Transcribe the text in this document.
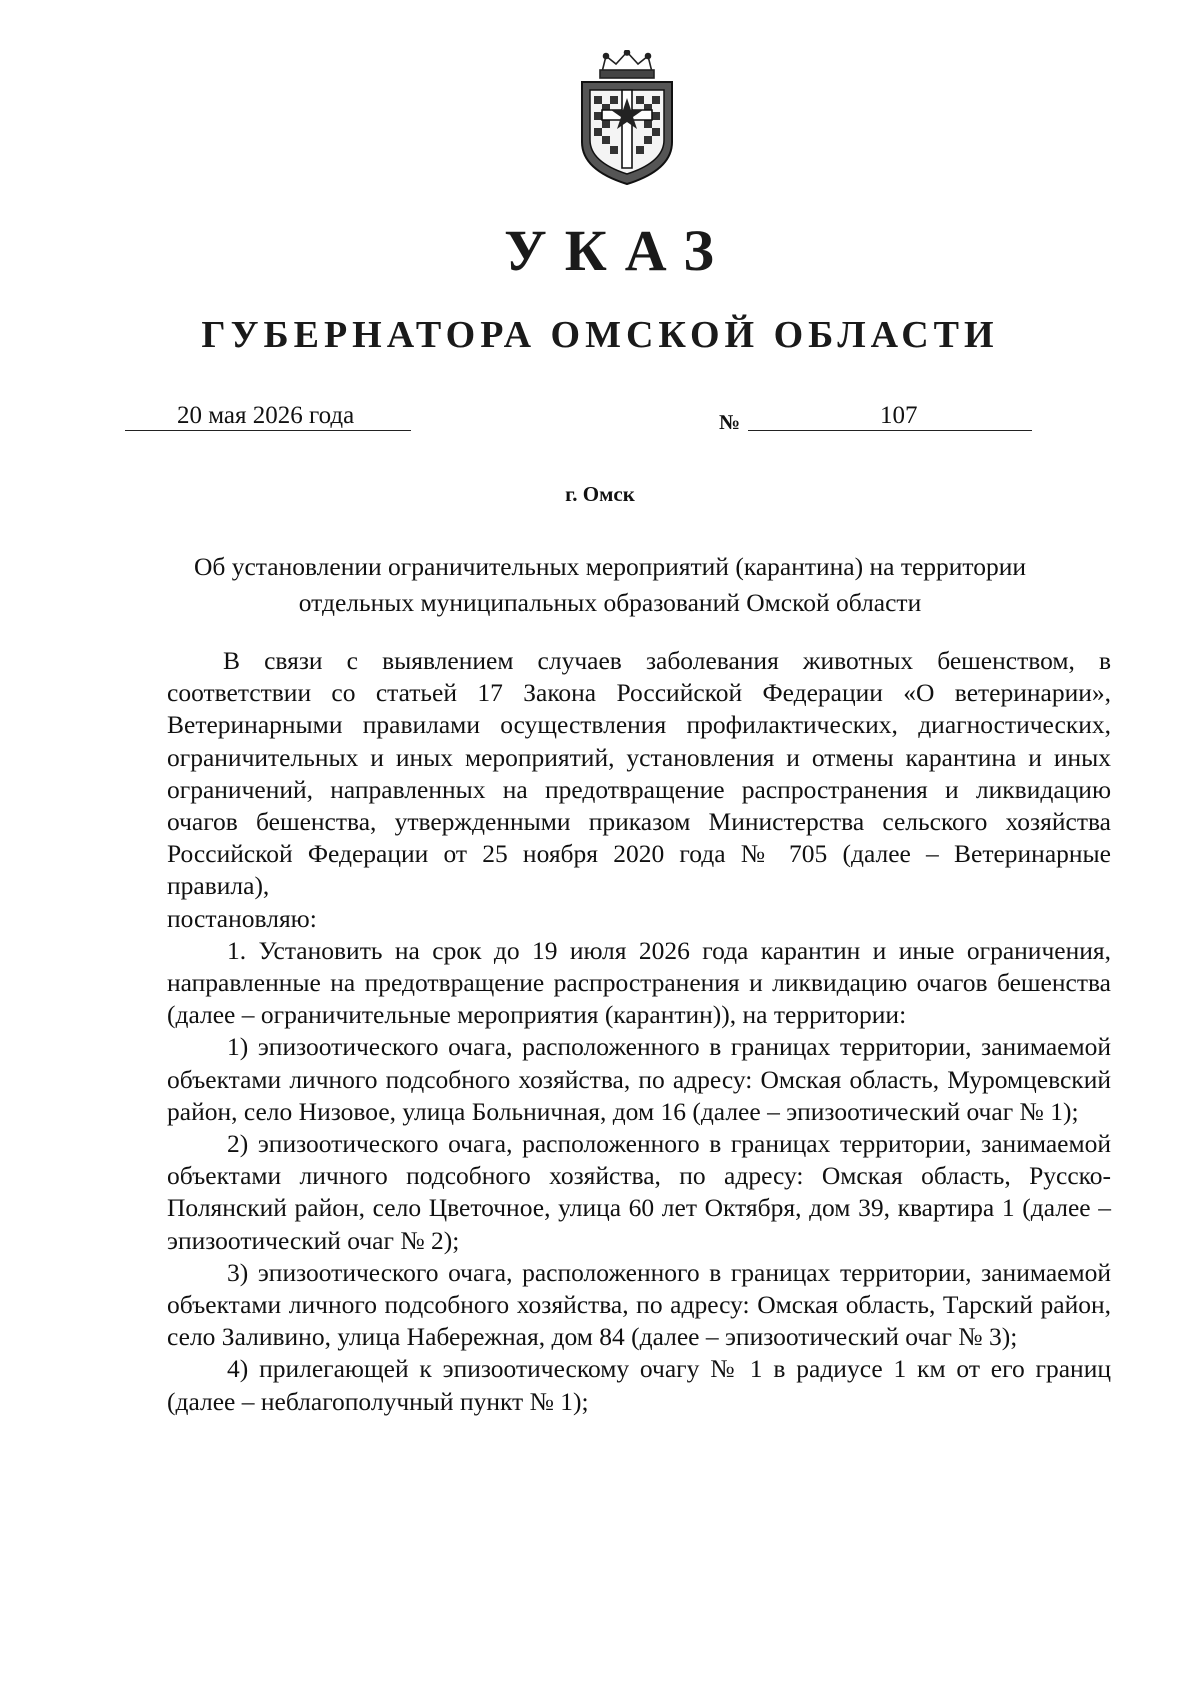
УКАЗ
ГУБЕРНАТОРА ОМСКОЙ ОБЛАСТИ
20 мая 2026 года	№	107
г. Омск
Об установлении ограничительных мероприятий (карантина) на территории
отдельных муниципальных образований Омской области

В связи с выявлением случаев заболевания животных бешенством, в соответствии со статьей 17 Закона Российской Федерации «О ветеринарии», Ветеринарными правилами осуществления профилактических, диагностических, ограничительных и иных мероприятий, установления и отмены карантина и иных ограничений, направленных на предотвращение распространения и ликвидацию очагов бешенства, утвержденными приказом Министерства сельского хозяйства Российской Федерации от 25 ноября 2020 года № 705 (далее – Ветеринарные правила),

постановляю:

1. Установить на срок до 19 июля 2026 года карантин и иные ограничения, направленные на предотвращение распространения и ликвидацию очагов бешенства (далее – ограничительные мероприятия (карантин)), на территории:

1) эпизоотического очага, расположенного в границах территории, занимаемой объектами личного подсобного хозяйства, по адресу: Омская область, Муромцевский район, село Низовое, улица Больничная, дом 16 (далее – эпизоотический очаг № 1);

2) эпизоотического очага, расположенного в границах территории, занимаемой объектами личного подсобного хозяйства, по адресу: Омская область, Русско-Полянский район, село Цветочное, улица 60 лет Октября, дом 39, квартира 1 (далее – эпизоотический очаг № 2);

3) эпизоотического очага, расположенного в границах территории, занимаемой объектами личного подсобного хозяйства, по адресу: Омская область, Тарский район, село Заливино, улица Набережная, дом 84 (далее – эпизоотический очаг № 3);

4) прилегающей к эпизоотическому очагу № 1 в радиусе 1 км от его границ (далее – неблагополучный пункт № 1);
